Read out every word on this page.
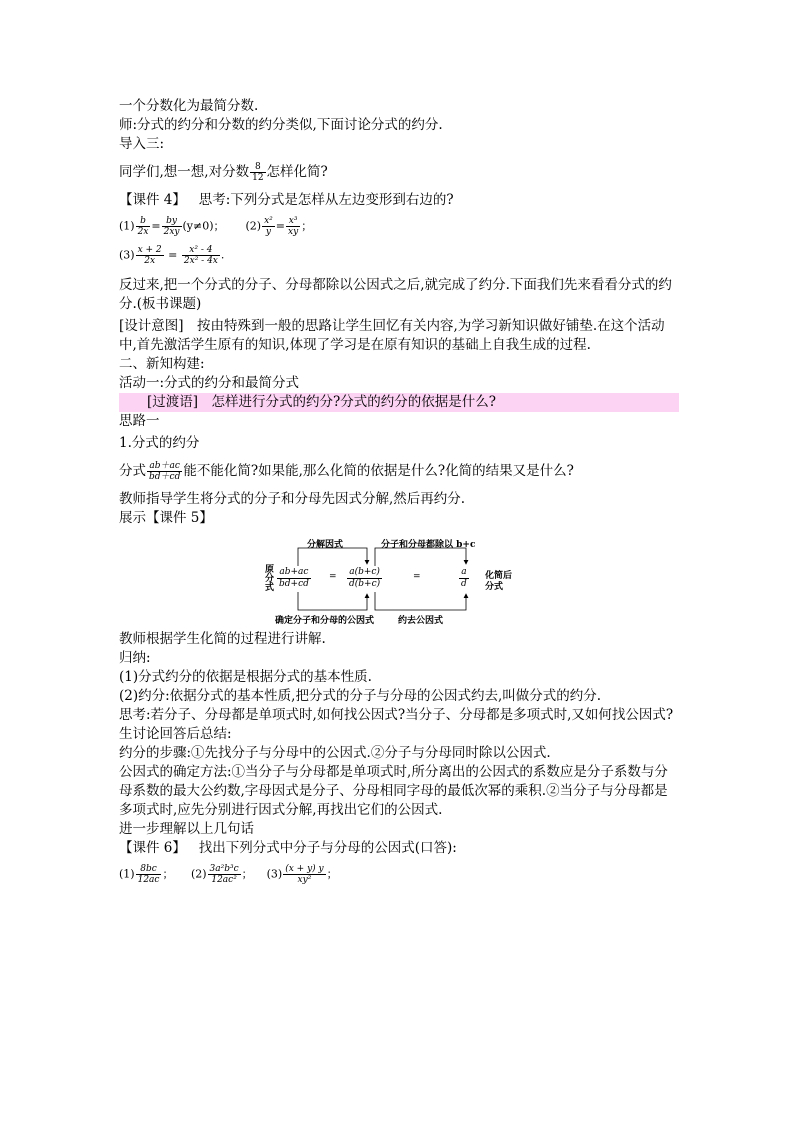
一个分数化为最简分数.
师:分式的约分和分数的约分类似,下面讨论分式的约分.
导入三:
同学们,想一想,对分数 $\frac{8}{12}$ 怎样化简?
【课件 4】 思考:下列分式是怎样从左边变形到右边的?
$(1) \frac{b}{2x} = \frac{by}{2xy} (y\ne 0)$； $(2) \frac{\text{x²}}{y} = \frac{\text{x³}}{xy}$ ；
$(3) \frac{x + 2}{2x} = \frac{\text{x² - 4}}{\text{2x² - 4x}}$ .
反过来,把一个分式的分子、分母都除以公因式之后,就完成了约分.下面我们先来看看分式的约分.(板书课题)
[设计意图]　按由特殊到一般的思路让学生回忆有关内容,为学习新知识做好铺垫.在这个活动中,首先激活学生原有的知识,体现了学习是在原有知识的基础上自我生成的过程.
二、新知构建:
活动一:分式的约分和最简分式
[过渡语]　怎样进行分式的约分?分式的约分的依据是什么?
思路一
1.分式的约分
分式 $\frac{ab+ac}{bd+cd}$ 能不能化简?如果能,那么化简的依据是什么?化简的结果又是什么?
教师指导学生将分式的分子和分母先因式分解,然后再约分.
展示【课件 5】
分解因式	分子和分母都除以 b+c
确定分子和分母的公因式	约去公因式
原分式 $\frac{ab+ac}{bd+cd} = \frac{a(b+c)}{d(b+c)}$	=	$\frac{a}{d}$ 化简后
分式
教师根据学生化简的过程进行讲解.
归纳:
(1)分式约分的依据是根据分式的基本性质.
(2)约分:依据分式的基本性质,把分式的分子与分母的公因式约去,叫做分式的约分.
思考:若分子、分母都是单项式时,如何找公因式?当分子、分母都是多项式时,又如何找公因式?
生讨论回答后总结:
约分的步骤:①先找分子与分母中的公因式.②分子与分母同时除以公因式.
公因式的确定方法:①当分子与分母都是单项式时,所分离出的公因式的系数应是分子系数与分母系数的最大公约数,字母因式是分子、分母相同字母的最低次幂的乘积.②当分子与分母都是多项式时,应先分别进行因式分解,再找出它们的公因式.
进一步理解以上几句话
【课件 6】 找出下列分式中分子与分母的公因式(口答):
$(1) \frac{8bc}{12ac}$ ； $(2) \frac{\text{3a²b³c}}{\text{12ac²}}$ ； $(3) \frac{(x + y) y}{\text{xy²}}$ ；
